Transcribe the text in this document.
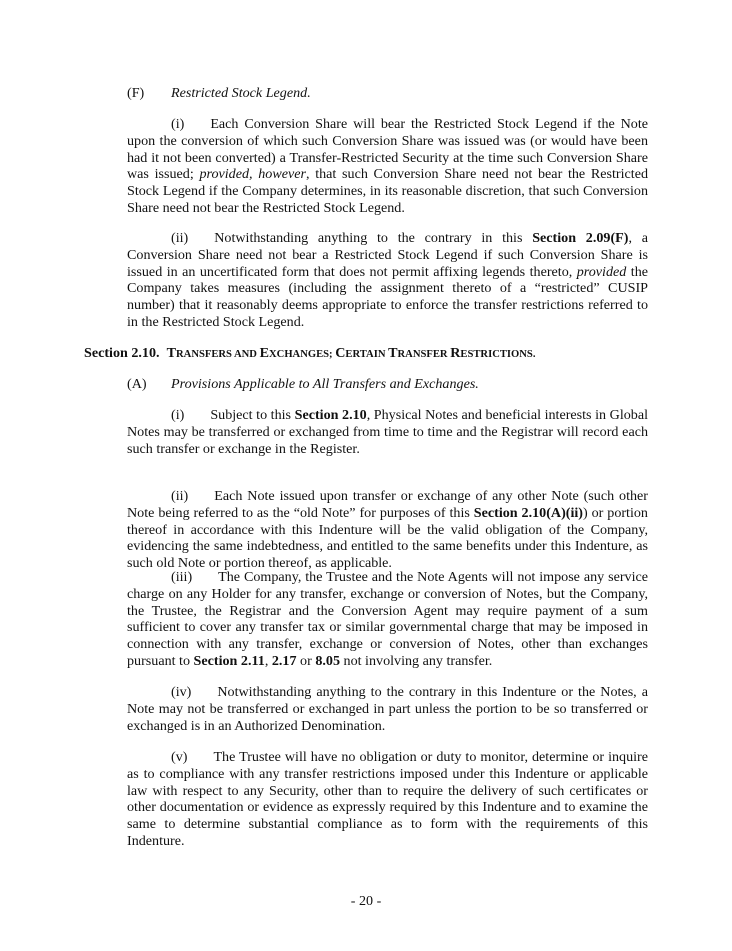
(F) Restricted Stock Legend.

(i) Each Conversion Share will bear the Restricted Stock Legend if the Note upon the conversion of which such Conversion Share was issued was (or would have been had it not been converted) a Transfer-Restricted Security at the time such Conversion Share was issued; provided, however, that such Conversion Share need not bear the Restricted Stock Legend if the Company determines, in its reasonable discretion, that such Conversion Share need not bear the Restricted Stock Legend.

(ii) Notwithstanding anything to the contrary in this Section 2.09(F), a Conversion Share need not bear a Restricted Stock Legend if such Conversion Share is issued in an uncertificated form that does not permit affixing legends thereto, provided the Company takes measures (including the assignment thereto of a “restricted” CUSIP number) that it reasonably deems appropriate to enforce the transfer restrictions referred to in the Restricted Stock Legend.

Section 2.10. TRANSFERS AND EXCHANGES; CERTAIN TRANSFER RESTRICTIONS.

(A) Provisions Applicable to All Transfers and Exchanges.

(i) Subject to this Section 2.10, Physical Notes and beneficial interests in Global Notes may be transferred or exchanged from time to time and the Registrar will record each such transfer or exchange in the Register.

(ii) Each Note issued upon transfer or exchange of any other Note (such other Note being referred to as the “old Note” for purposes of this Section 2.10(A)(ii)) or portion thereof in accordance with this Indenture will be the valid obligation of the Company, evidencing the same indebtedness, and entitled to the same benefits under this Indenture, as such old Note or portion thereof, as applicable.

(iii) The Company, the Trustee and the Note Agents will not impose any service charge on any Holder for any transfer, exchange or conversion of Notes, but the Company, the Trustee, the Registrar and the Conversion Agent may require payment of a sum sufficient to cover any transfer tax or similar governmental charge that may be imposed in connection with any transfer, exchange or conversion of Notes, other than exchanges pursuant to Section 2.11, 2.17 or 8.05 not involving any transfer.

(iv) Notwithstanding anything to the contrary in this Indenture or the Notes, a Note may not be transferred or exchanged in part unless the portion to be so transferred or exchanged is in an Authorized Denomination.

(v) The Trustee will have no obligation or duty to monitor, determine or inquire as to compliance with any transfer restrictions imposed under this Indenture or applicable law with respect to any Security, other than to require the delivery of such certificates or other documentation or evidence as expressly required by this Indenture and to examine the same to determine substantial compliance as to form with the requirements of this Indenture.

- 20 -
